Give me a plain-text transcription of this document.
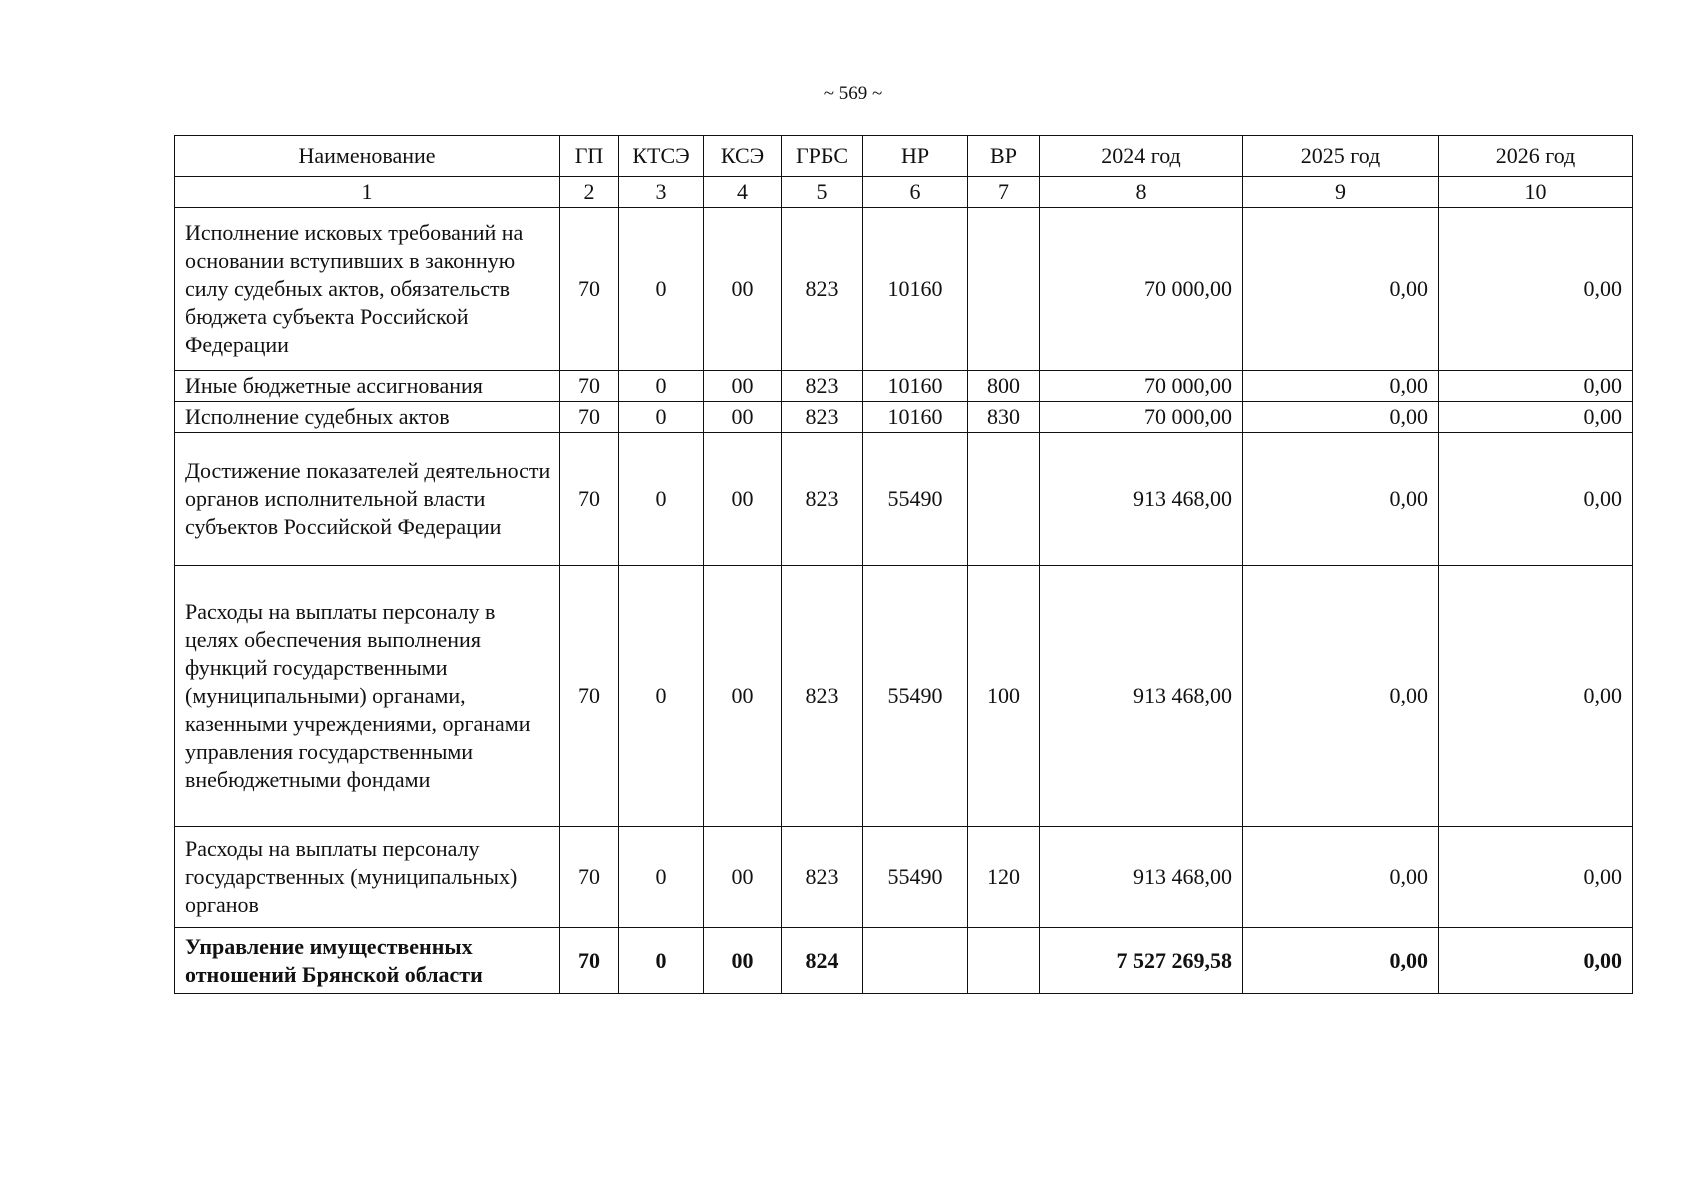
~ 569 ~
Наименование	ГП	КТСЭ	КСЭ	ГРБС	НР	ВР	2024 год	2025 год	2026 год
1	2	3	4	5	6	7	8	9	10
Исполнение исковых требований на основании вступивших в законную силу судебных актов, обязательств бюджета субъекта Российской Федерации	70	0	00	823	10160		70 000,00	0,00	0,00
Иные бюджетные ассигнования	70	0	00	823	10160	800	70 000,00	0,00	0,00
Исполнение судебных актов	70	0	00	823	10160	830	70 000,00	0,00	0,00
Достижение показателей деятельности органов исполнительной власти субъектов Российской Федерации	70	0	00	823	55490		913 468,00	0,00	0,00
Расходы на выплаты персоналу в целях обеспечения выполнения функций государственными (муниципальными) органами, казенными учреждениями, органами управления государственными внебюджетными фондами	70	0	00	823	55490	100	913 468,00	0,00	0,00
Расходы на выплаты персоналу государственных (муниципальных) органов	70	0	00	823	55490	120	913 468,00	0,00	0,00
Управление имущественных отношений Брянской области	70	0	00	824			7 527 269,58	0,00	0,00
